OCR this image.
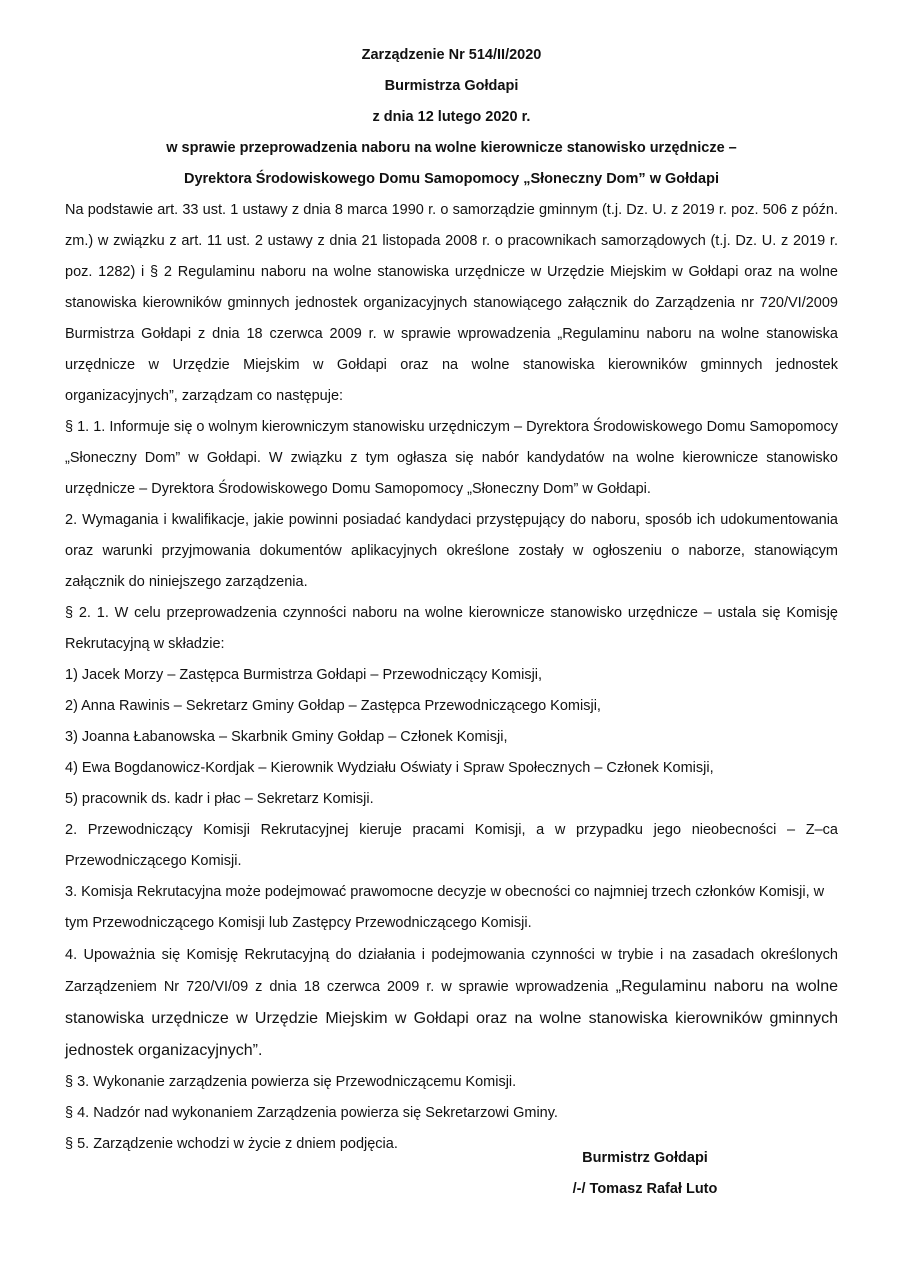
Zarządzenie Nr 514/II/2020
Burmistrza Gołdapi
z dnia 12 lutego 2020 r.
w sprawie przeprowadzenia naboru na wolne kierownicze stanowisko urzędnicze –
Dyrektora Środowiskowego Domu Samopomocy „Słoneczny Dom” w Gołdapi

Na podstawie art. 33 ust. 1 ustawy z dnia 8 marca 1990 r. o samorządzie gminnym (t.j. Dz. U. z 2019 r. poz. 506 z późn. zm.) w związku z art. 11 ust. 2 ustawy z dnia 21 listopada 2008 r. o pracownikach samorządowych (t.j. Dz. U. z 2019 r. poz. 1282) i § 2 Regulaminu naboru na wolne stanowiska urzędnicze w Urzędzie Miejskim w Gołdapi oraz na wolne stanowiska kierowników gminnych jednostek organizacyjnych stanowiącego załącznik do Zarządzenia nr 720/VI/2009 Burmistrza Gołdapi z dnia 18 czerwca 2009 r. w sprawie wprowadzenia „Regulaminu naboru na wolne stanowiska urzędnicze w Urzędzie Miejskim w Gołdapi oraz na wolne stanowiska kierowników gminnych jednostek organizacyjnych”, zarządzam co następuje:

§ 1. 1. Informuje się o wolnym kierowniczym stanowisku urzędniczym – Dyrektora Środowiskowego Domu Samopomocy „Słoneczny Dom” w Gołdapi. W związku z tym ogłasza się nabór kandydatów na wolne kierownicze stanowisko urzędnicze – Dyrektora Środowiskowego Domu Samopomocy „Słoneczny Dom” w Gołdapi.

2. Wymagania i kwalifikacje, jakie powinni posiadać kandydaci przystępujący do naboru, sposób ich udokumentowania oraz warunki przyjmowania dokumentów aplikacyjnych określone zostały w ogłoszeniu o naborze, stanowiącym załącznik do niniejszego zarządzenia.

§ 2. 1. W celu przeprowadzenia czynności naboru na wolne kierownicze stanowisko urzędnicze – ustala się Komisję Rekrutacyjną w składzie:

1) Jacek Morzy – Zastępca Burmistrza Gołdapi – Przewodniczący Komisji,
2) Anna Rawinis – Sekretarz Gminy Gołdap – Zastępca Przewodniczącego Komisji,
3) Joanna Łabanowska – Skarbnik Gminy Gołdap – Członek Komisji,
4) Ewa Bogdanowicz-Kordjak – Kierownik Wydziału Oświaty i Spraw Społecznych – Członek Komisji,
5) pracownik ds. kadr i płac – Sekretarz Komisji.

2. Przewodniczący Komisji Rekrutacyjnej kieruje pracami Komisji, a w przypadku jego nieobecności – Z–ca Przewodniczącego Komisji.

3. Komisja Rekrutacyjna może podejmować prawomocne decyzje w obecności co najmniej trzech członków Komisji, w tym Przewodniczącego Komisji lub Zastępcy Przewodniczącego Komisji.

4. Upoważnia się Komisję Rekrutacyjną do działania i podejmowania czynności w trybie i na zasadach określonych Zarządzeniem Nr 720/VI/09 z dnia 18 czerwca 2009 r. w sprawie wprowadzenia „Regulaminu naboru na wolne stanowiska urzędnicze w Urzędzie Miejskim w Gołdapi oraz na wolne stanowiska kierowników gminnych jednostek organizacyjnych”.

§ 3. Wykonanie zarządzenia powierza się Przewodniczącemu Komisji.

§ 4. Nadzór nad wykonaniem Zarządzenia powierza się Sekretarzowi Gminy.

§ 5. Zarządzenie wchodzi w życie z dniem podjęcia.

Burmistrz Gołdapi
/-/ Tomasz Rafał Luto
